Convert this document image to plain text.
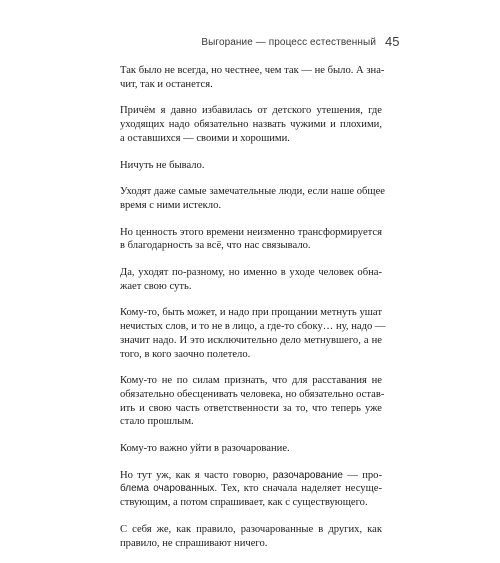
Выгорание — процесс естественный 45
Так было не всегда, но честнее, чем так — не было. А зна-
чит, так и останется.
Причём я давно избавилась от детского утешения, где
уходящих надо обязательно назвать чужими и плохими,
а оставшихся — своими и хорошими.
Ничуть не бывало.
Уходят даже самые замечательные люди, если наше общее
время с ними истекло.
Но ценность этого времени неизменно трансформируется
в благодарность за всё, что нас связывало.
Да, уходят по-разному, но именно в уходе человек обна-
жает свою суть.
Кому-то, быть может, и надо при прощании метнуть ушат
нечистых слов, и то не в лицо, а где-то сбоку… ну, надо —
значит надо. И это исключительно дело метнувшего, а не
того, в кого заочно полетело.
Кому-то не по силам признать, что для расставания не
обязательно обесценивать человека, но обязательно остав-
ить и свою часть ответственности за то, что теперь уже
стало прошлым.
Кому-то важно уйти в разочарование.
Но тут уж, как я часто говорю, разочарование — про-
блема очарованных. Тех, кто сначала наделяет несуще-
ствующим, а потом спрашивает, как с существующего.
С себя же, как правило, разочарованные в других, как
правило, не спрашивают ничего.
